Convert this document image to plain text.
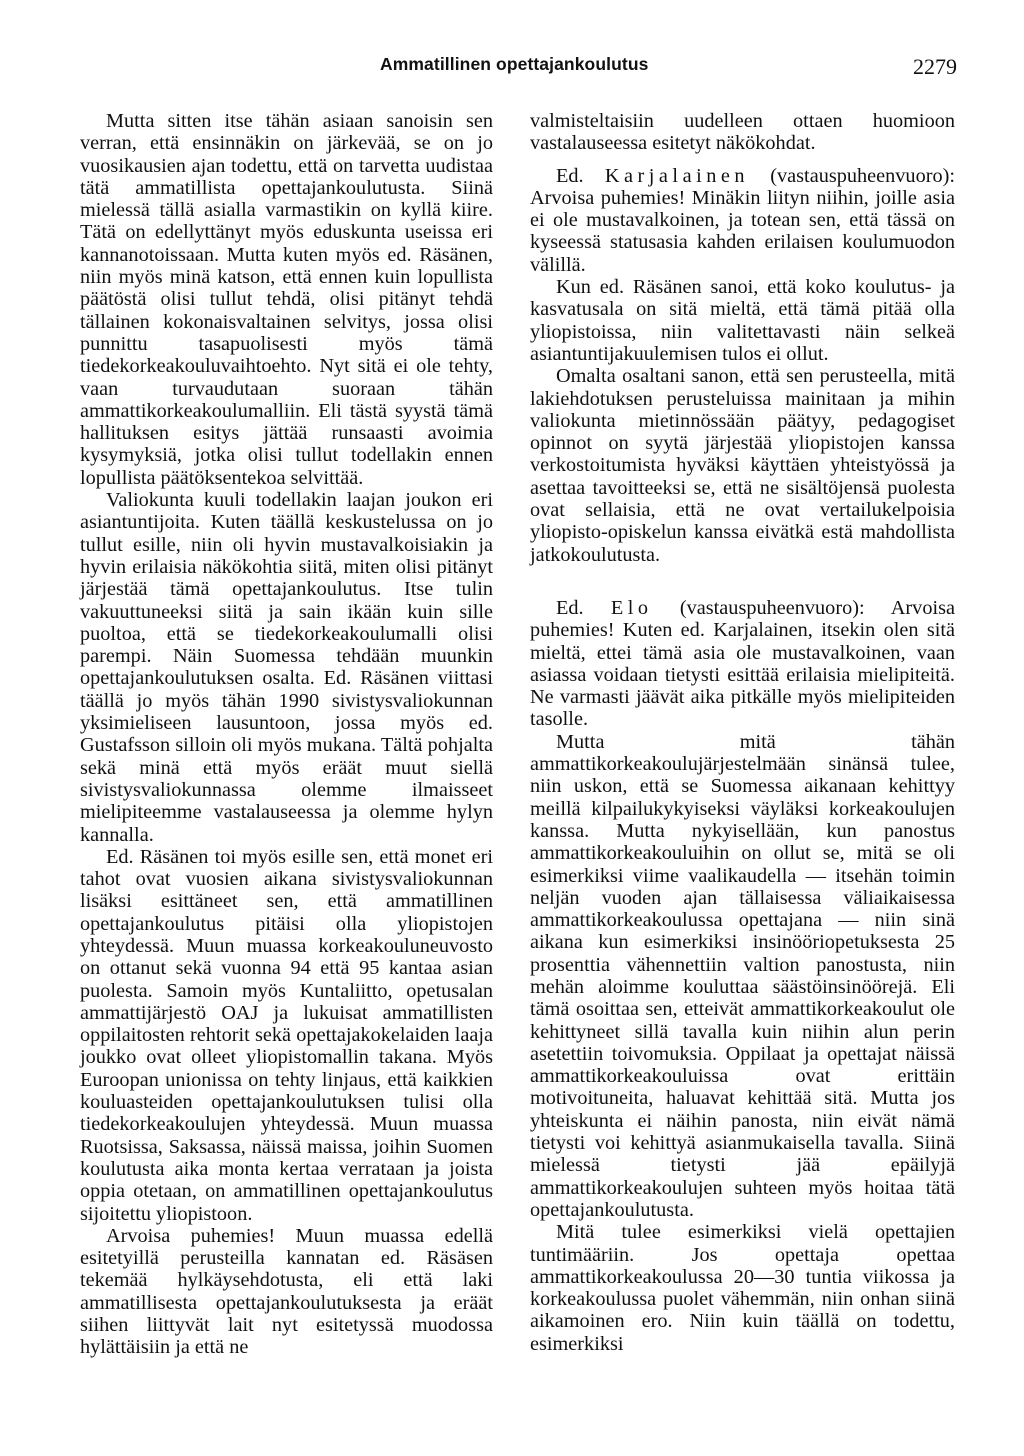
Ammatillinen opettajankoulutus	2279

Mutta sitten itse tähän asiaan sanoisin sen verran, että ensinnäkin on järkevää, se on jo vuosikausien ajan todettu, että on tarvetta uudistaa tätä ammatillista opettajankoulutusta. Siinä mielessä tällä asialla varmastikin on kyllä kiire. Tätä on edellyttänyt myös eduskunta useissa eri kannanotoissaan. Mutta kuten myös ed. Räsänen, niin myös minä katson, että ennen kuin lopullista päätöstä olisi tullut tehdä, olisi pitänyt tehdä tällainen kokonaisvaltainen selvitys, jossa olisi punnittu tasapuolisesti myös tämä tiedekorkeakouluvaihtoehto. Nyt sitä ei ole tehty, vaan turvaudutaan suoraan tähän ammattikorkeakoulumalliin. Eli tästä syystä tämä hallituksen esitys jättää runsaasti avoimia kysymyksiä, jotka olisi tullut todellakin ennen lopullista päätöksentekoa selvittää.

Valiokunta kuuli todellakin laajan joukon eri asiantuntijoita. Kuten täällä keskustelussa on jo tullut esille, niin oli hyvin mustavalkoisiakin ja hyvin erilaisia näkökohtia siitä, miten olisi pitänyt järjestää tämä opettajankoulutus. Itse tulin vakuuttuneeksi siitä ja sain ikään kuin sille puoltoa, että se tiedekorkeakoulumalli olisi parempi. Näin Suomessa tehdään muunkin opettajankoulutuksen osalta. Ed. Räsänen viittasi täällä jo myös tähän 1990 sivistysvaliokunnan yksimieliseen lausuntoon, jossa myös ed. Gustafsson silloin oli myös mukana. Tältä pohjalta sekä minä että myös eräät muut siellä sivistysvaliokunnassa olemme ilmaisseet mielipiteemme vastalauseessa ja olemme hylyn kannalla.

Ed. Räsänen toi myös esille sen, että monet eri tahot ovat vuosien aikana sivistysvaliokunnan lisäksi esittäneet sen, että ammatillinen opettajankoulutus pitäisi olla yliopistojen yhteydessä. Muun muassa korkeakouluneuvosto on ottanut sekä vuonna 94 että 95 kantaa asian puolesta. Samoin myös Kuntaliitto, opetusalan ammattijärjestö OAJ ja lukuisat ammatillisten oppilaitosten rehtorit sekä opettajakokelaiden laaja joukko ovat olleet yliopistomallin takana. Myös Euroopan unionissa on tehty linjaus, että kaikkien kouluasteiden opettajankoulutuksen tulisi olla tiedekorkeakoulujen yhteydessä. Muun muassa Ruotsissa, Saksassa, näissä maissa, joihin Suomen koulutusta aika monta kertaa verrataan ja joista oppia otetaan, on ammatillinen opettajankoulutus sijoitettu yliopistoon.

Arvoisa puhemies! Muun muassa edellä esitetyillä perusteilla kannatan ed. Räsäsen tekemää hylkäysehdotusta, eli että laki ammatillisesta opettajankoulutuksesta ja eräät siihen liittyvät lait nyt esitetyssä muodossa hylättäisiin ja että ne

valmisteltaisiin uudelleen ottaen huomioon vastalauseessa esitetyt näkökohdat.

Ed. Karjalainen (vastauspuheenvuoro): Arvoisa puhemies! Minäkin liityn niihin, joille asia ei ole mustavalkoinen, ja totean sen, että tässä on kyseessä statusasia kahden erilaisen koulumuodon välillä.

Kun ed. Räsänen sanoi, että koko koulutus- ja kasvatusala on sitä mieltä, että tämä pitää olla yliopistoissa, niin valitettavasti näin selkeä asiantuntijakuulemisen tulos ei ollut.

Omalta osaltani sanon, että sen perusteella, mitä lakiehdotuksen perusteluissa mainitaan ja mihin valiokunta mietinnössään päätyy, pedagogiset opinnot on syytä järjestää yliopistojen kanssa verkostoitumista hyväksi käyttäen yhteistyössä ja asettaa tavoitteeksi se, että ne sisältöjensä puolesta ovat sellaisia, että ne ovat vertailukelpoisia yliopisto-opiskelun kanssa eivätkä estä mahdollista jatkokoulutusta.

Ed. Elo (vastauspuheenvuoro): Arvoisa puhemies! Kuten ed. Karjalainen, itsekin olen sitä mieltä, ettei tämä asia ole mustavalkoinen, vaan asiassa voidaan tietysti esittää erilaisia mielipiteitä. Ne varmasti jäävät aika pitkälle myös mielipiteiden tasolle.

Mutta mitä tähän ammattikorkeakoulujärjestelmään sinänsä tulee, niin uskon, että se Suomessa aikanaan kehittyy meillä kilpailukykyiseksi väyläksi korkeakoulujen kanssa. Mutta nykyisellään, kun panostus ammattikorkeakouluihin on ollut se, mitä se oli esimerkiksi viime vaalikaudella — itsehän toimin neljän vuoden ajan tällaisessa väliaikaisessa ammattikorkeakoulussa opettajana — niin sinä aikana kun esimerkiksi insinööriopetuksesta 25 prosenttia vähennettiin valtion panostusta, niin mehän aloimme kouluttaa säästöinsinöörejä. Eli tämä osoittaa sen, etteivät ammattikorkeakoulut ole kehittyneet sillä tavalla kuin niihin alun perin asetettiin toivomuksia. Oppilaat ja opettajat näissä ammattikorkeakouluissa ovat erittäin motivoituneita, haluavat kehittää sitä. Mutta jos yhteiskunta ei näihin panosta, niin eivät nämä tietysti voi kehittyä asianmukaisella tavalla. Siinä mielessä tietysti jää epäilyjä ammattikorkeakoulujen suhteen myös hoitaa tätä opettajankoulutusta.

Mitä tulee esimerkiksi vielä opettajien tuntimääriin. Jos opettaja opettaa ammattikorkeakoulussa 20—30 tuntia viikossa ja korkeakoulussa puolet vähemmän, niin onhan siinä aikamoinen ero. Niin kuin täällä on todettu, esimerkiksi
